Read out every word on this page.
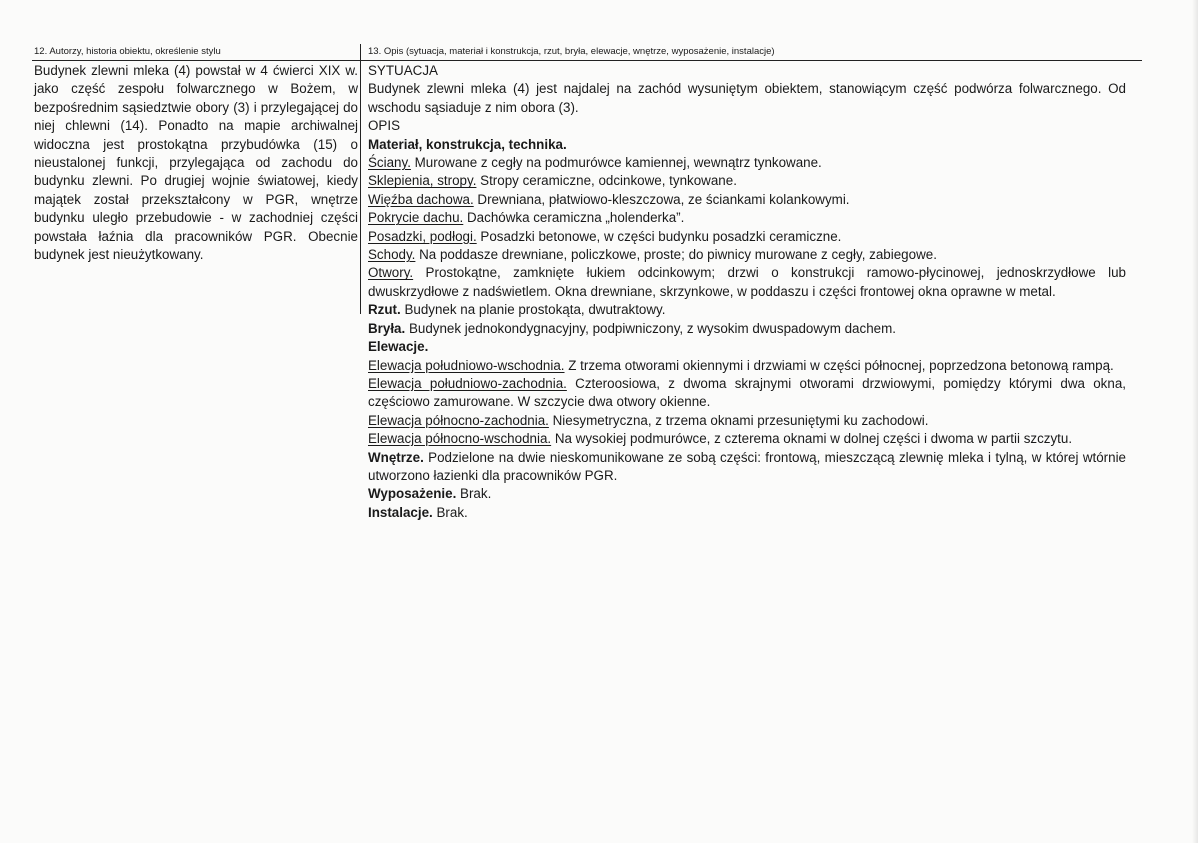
12. Autorzy, historia obiektu, określenie stylu	13. Opis (sytuacja, materiał i konstrukcja, rzut, bryła, elewacje, wnętrze, wyposażenie, instalacje)
Budynek zlewni mleka (4) powstał w 4 ćwierci XIX w. jako część zespołu folwarcznego w Bożem, w bezpośrednim sąsiedztwie obory (3) i przylegającej do niej chlewni (14). Ponadto na mapie archiwalnej widoczna jest prostokątna przybudówka (15) o nieustalonej funkcji, przylegająca od zachodu do budynku zlewni. Po drugiej wojnie światowej, kiedy majątek został przekształcony w PGR, wnętrze budynku uległo przebudowie - w zachodniej części powstała łaźnia dla pracowników PGR. Obecnie budynek jest nieużytkowany.

SYTUACJA

Budynek zlewni mleka (4) jest najdalej na zachód wysuniętym obiektem, stanowiącym część podwórza folwarcznego. Od wschodu sąsiaduje z nim obora (3).

OPIS

Materiał, konstrukcja, technika.

Ściany. Murowane z cegły na podmurówce kamiennej, wewnątrz tynkowane.

Sklepienia, stropy. Stropy ceramiczne, odcinkowe, tynkowane.

Więźba dachowa. Drewniana, płatwiowo-kleszczowa, ze ściankami kolankowymi.

Pokrycie dachu. Dachówka ceramiczna „holenderka”.

Posadzki, podłogi. Posadzki betonowe, w części budynku posadzki ceramiczne.

Schody. Na poddasze drewniane, policzkowe, proste; do piwnicy murowane z cegły, zabiegowe.

Otwory. Prostokątne, zamknięte łukiem odcinkowym; drzwi o konstrukcji ramowo-płycinowej, jednoskrzydłowe lub dwuskrzydłowe z nadświetlem. Okna drewniane, skrzynkowe, w poddaszu i części frontowej okna oprawne w metal.

Rzut. Budynek na planie prostokąta, dwutraktowy.

Bryła. Budynek jednokondygnacyjny, podpiwniczony, z wysokim dwuspadowym dachem.

Elewacje.

Elewacja południowo-wschodnia. Z trzema otworami okiennymi i drzwiami w części północnej, poprzedzona betonową rampą.

Elewacja południowo-zachodnia. Czteroosiowa, z dwoma skrajnymi otworami drzwiowymi, pomiędzy którymi dwa okna, częściowo zamurowane. W szczycie dwa otwory okienne.

Elewacja północno-zachodnia. Niesymetryczna, z trzema oknami przesuniętymi ku zachodowi.

Elewacja północno-wschodnia. Na wysokiej podmurówce, z czterema oknami w dolnej części i dwoma w partii szczytu.

Wnętrze. Podzielone na dwie nieskomunikowane ze sobą części: frontową, mieszczącą zlewnię mleka i tylną, w której wtórnie utworzono łazienki dla pracowników PGR.

Wyposażenie. Brak.

Instalacje. Brak.
